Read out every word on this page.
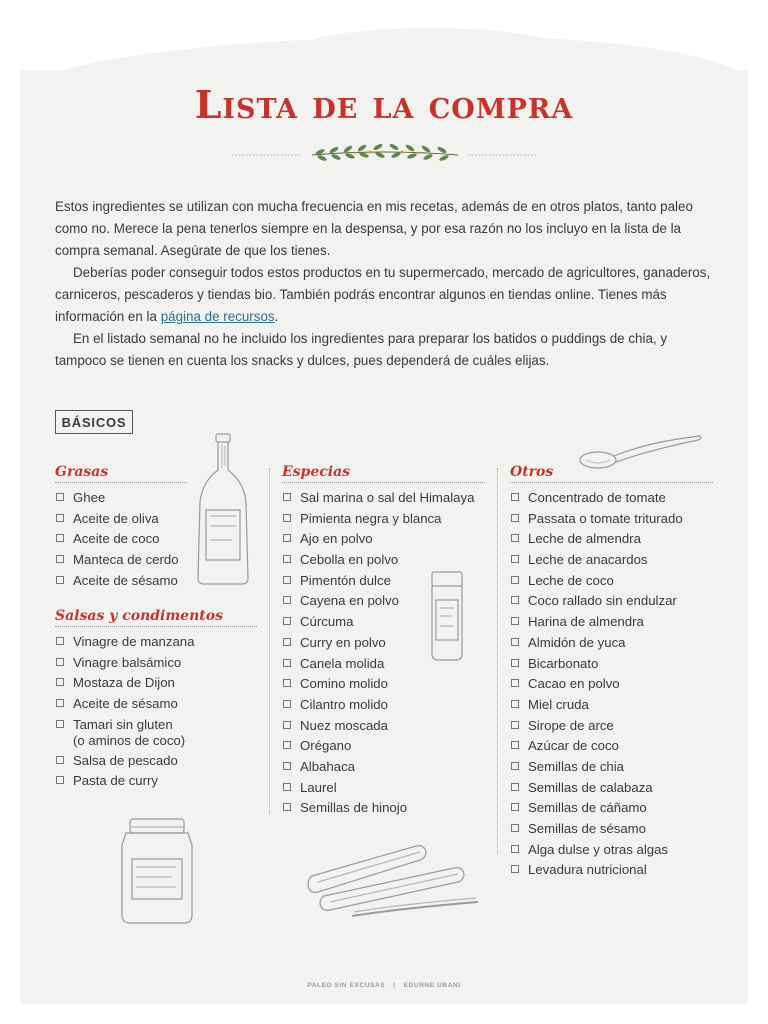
Lista de la compra

Estos ingredientes se utilizan con mucha frecuencia en mis recetas, además de en otros platos, tanto paleo como no. Merece la pena tenerlos siempre en la despensa, y por esa razón no los incluyo en la lista de la compra semanal. Asegúrate de que los tienes.

Deberías poder conseguir todos estos productos en tu supermercado, mercado de agricultores, ganaderos, carniceros, pescaderos y tiendas bio. También podrás encontrar algunos en tiendas online. Tienes más información en la página de recursos.

En el listado semanal no he incluido los ingredientes para preparar los batidos o puddings de chia, y tampoco se tienen en cuenta los snacks y dulces, pues dependerá de cuáles elijas.

BÁSICOS
Grasas
Ghee
Aceite de oliva
Aceite de coco
Manteca de cerdo
Aceite de sésamo
Salsas y condimentos
Vinagre de manzana
Vinagre balsámico
Mostaza de Dijon
Aceite de sésamo
Tamari sin gluten
(o aminos de coco)
Salsa de pescado
Pasta de curry
Especias
Sal marina o sal del Himalaya
Pimienta negra y blanca
Ajo en polvo
Cebolla en polvo
Pimentón dulce
Cayena en polvo
Cúrcuma
Curry en polvo
Canela molida
Comino molido
Cilantro molido
Nuez moscada
Orégano
Albahaca
Laurel
Semillas de hinojo
Otros
Concentrado de tomate
Passata o tomate triturado
Leche de almendra
Leche de anacardos
Leche de coco
Coco rallado sin endulzar
Harina de almendra
Almidón de yuca
Bicarbonato
Cacao en polvo
Miel cruda
Sirope de arce
Azúcar de coco
Semillas de chia
Semillas de calabaza
Semillas de cáñamo
Semillas de sésamo
Alga dulse y otras algas
Levadura nutricional
PALEO SIN EXCUSAS | EDURNE UBANI
